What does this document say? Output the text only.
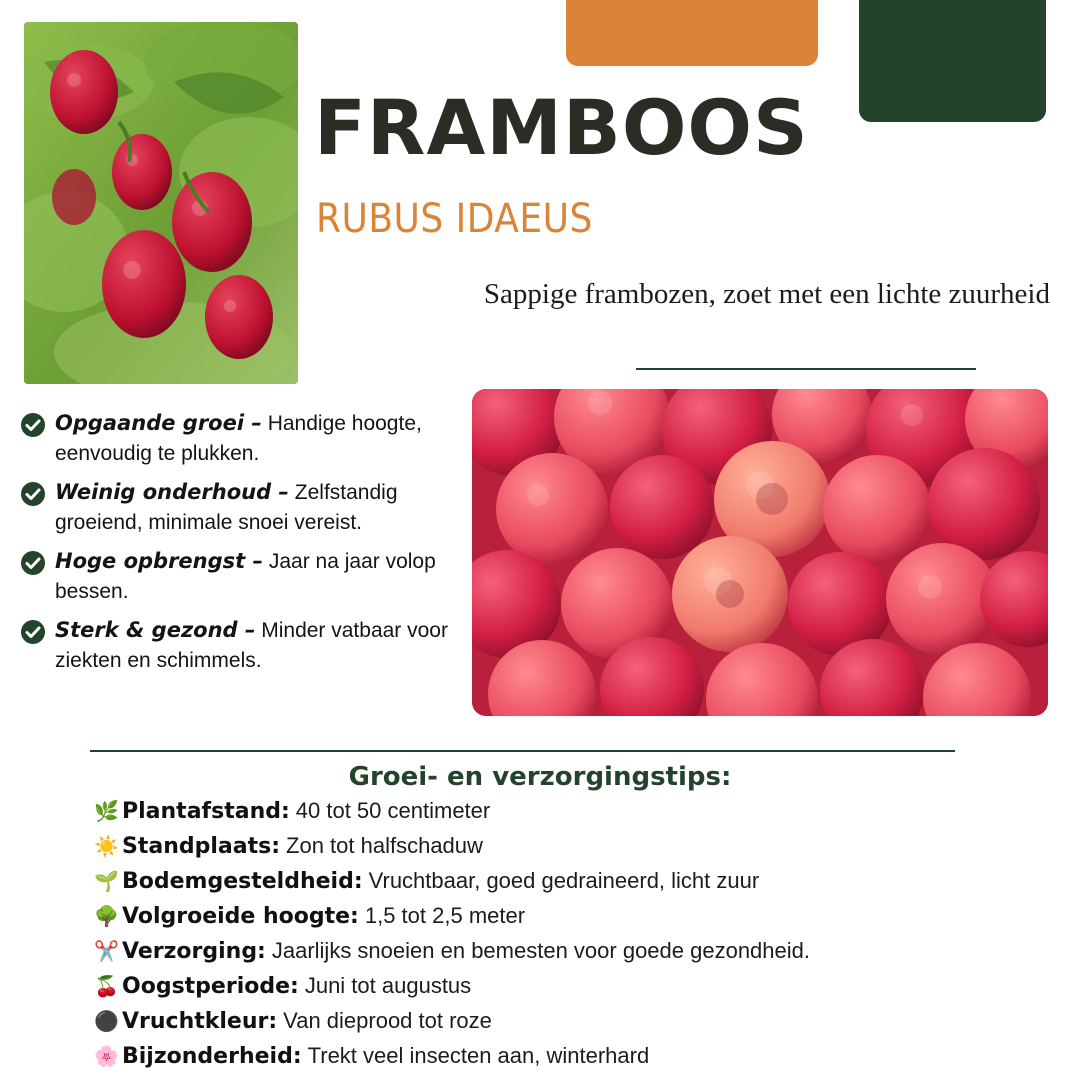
FRAMBOOS
RUBUS IDAEUS
Sappige frambozen, zoet met een lichte zuurheid
Opgaande groei – Handige hoogte, eenvoudig te plukken.
Weinig onderhoud – Zelfstandig groeiend, minimale snoei vereist.
Hoge opbrengst – Jaar na jaar volop bessen.
Sterk & gezond – Minder vatbaar voor ziekten en schimmels.
Groei- en verzorgingstips:
🌿 Plantafstand: 40 tot 50 centimeter
☀️ Standplaats: Zon tot halfschaduw
🌱 Bodemgesteldheid: Vruchtbaar, goed gedraineerd, licht zuur
🌳 Volgroeide hoogte: 1,5 tot 2,5 meter
✂️ Verzorging: Jaarlijks snoeien en bemesten voor goede gezondheid.
🍒 Oogstperiode: Juni tot augustus
⚫ Vruchtkleur: Van dieprood tot roze
🌸 Bijzonderheid: Trekt veel insecten aan, winterhard
